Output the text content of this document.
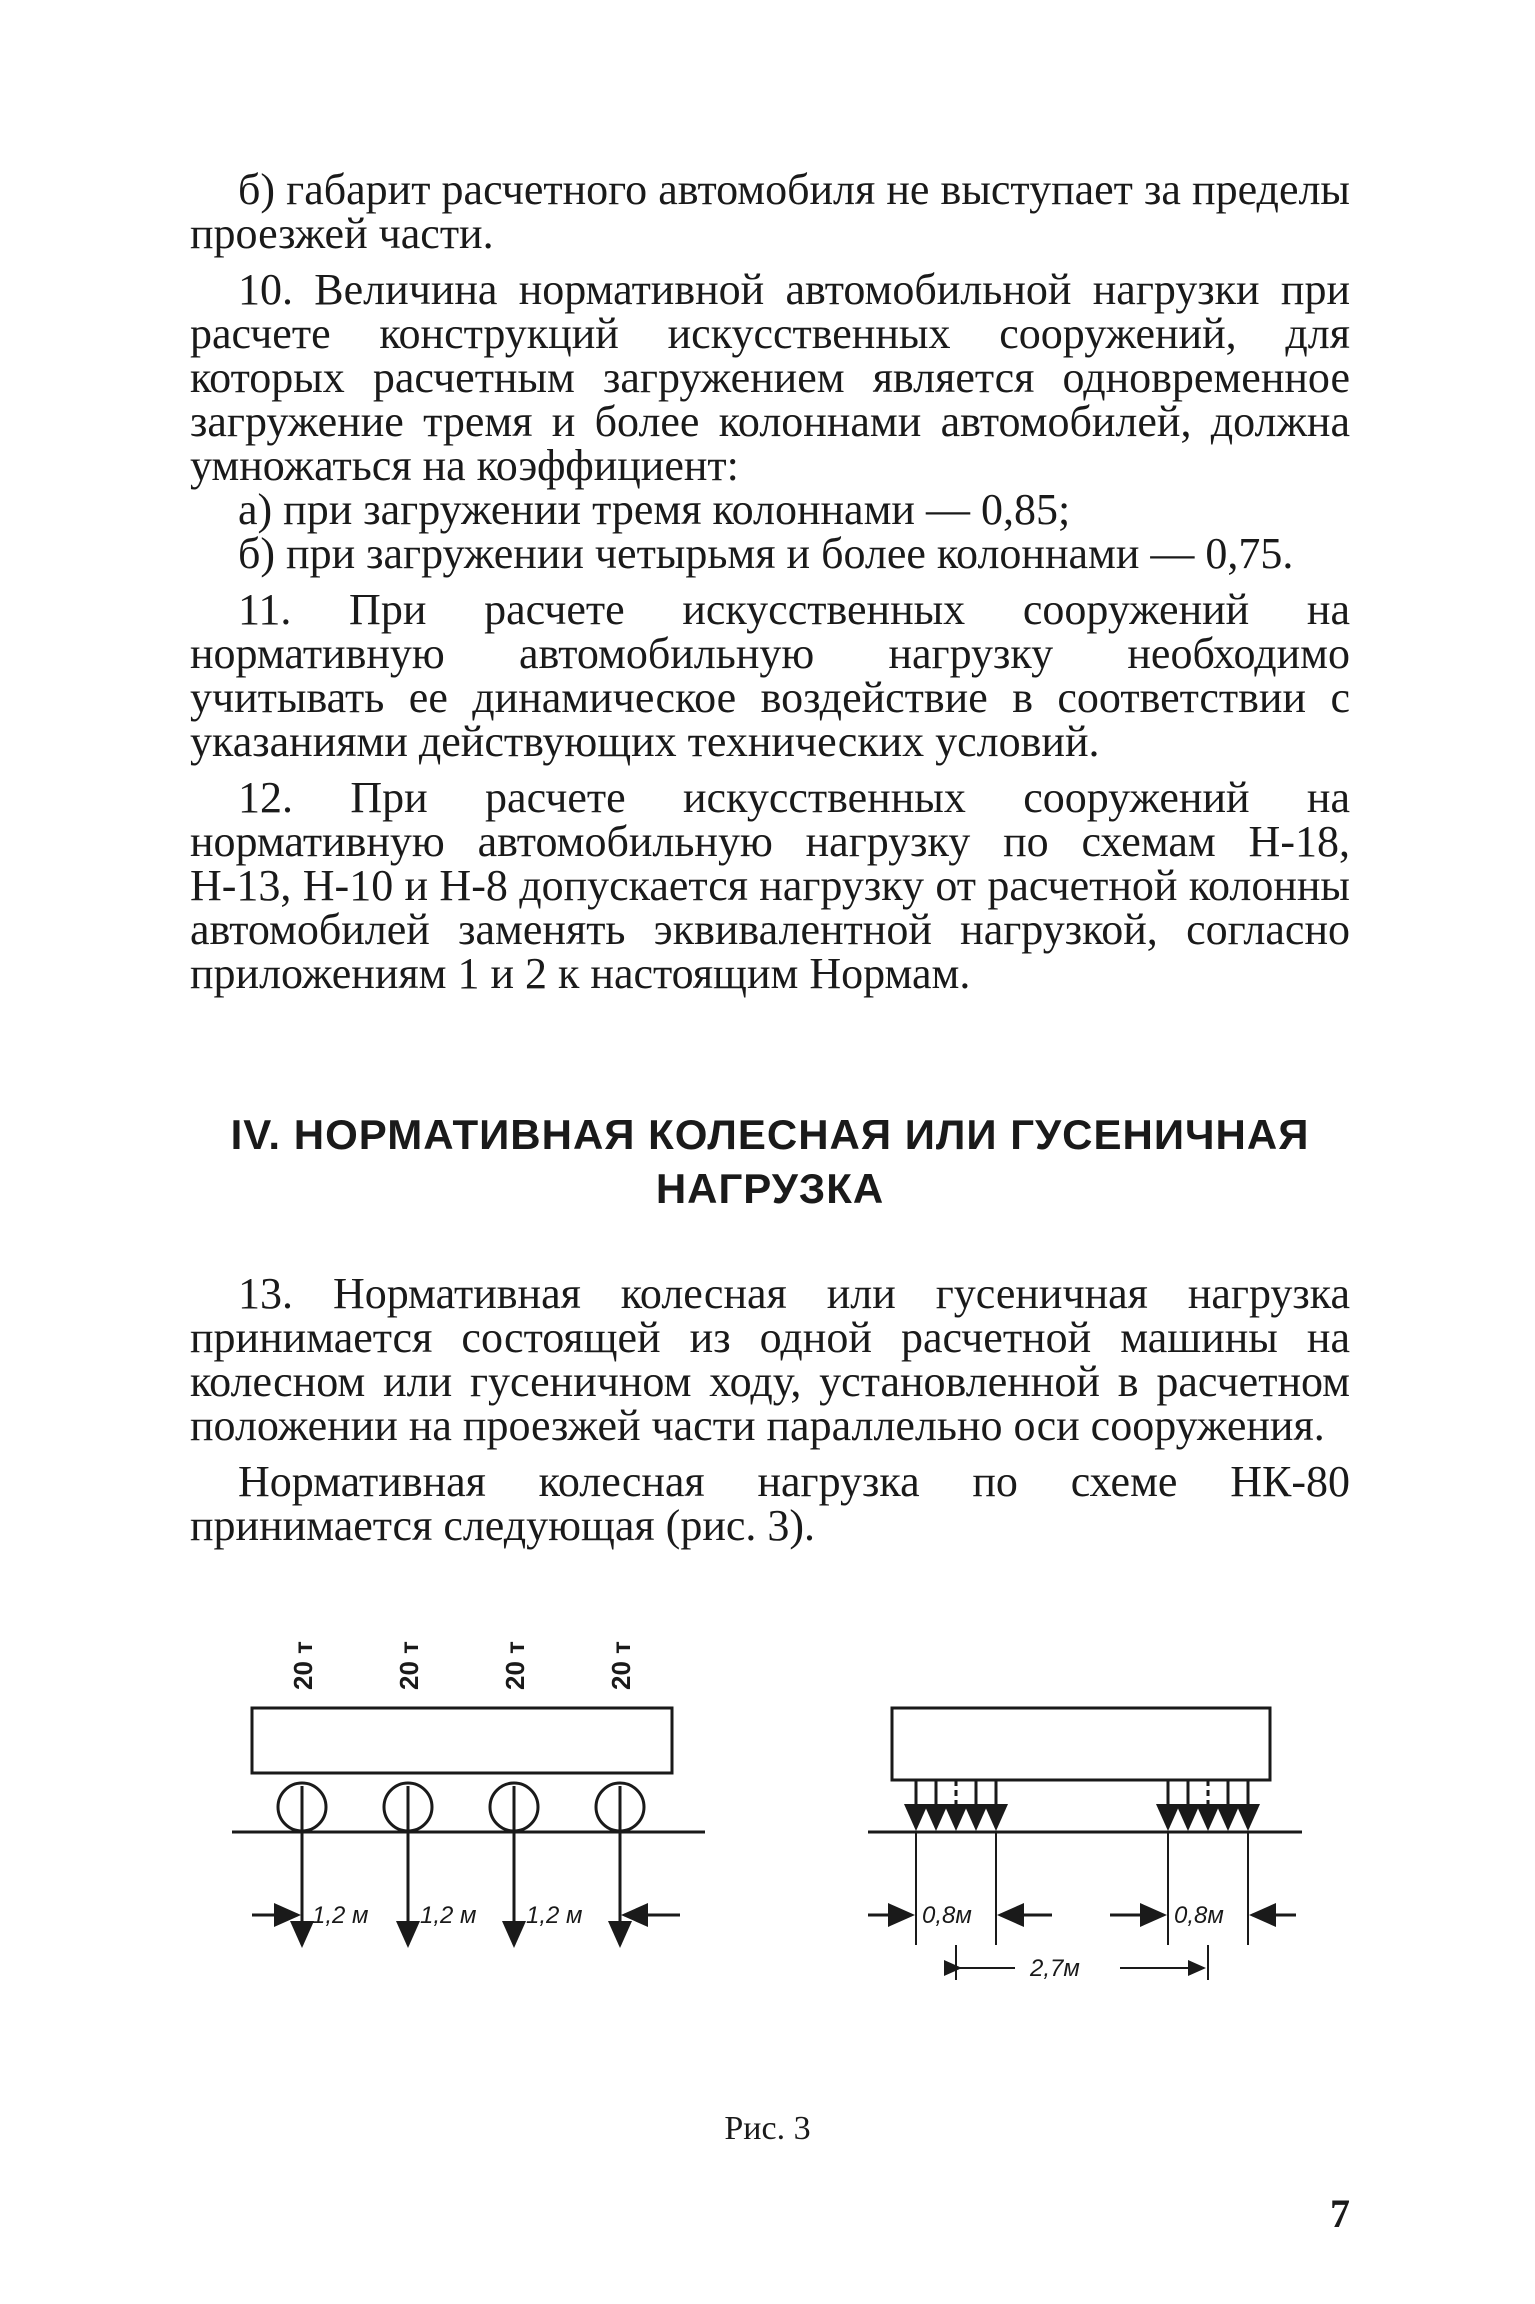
б) габарит расчетного автомобиля не выступает за пределы проезжей части.

10. Величина нормативной автомобильной нагрузки при расчете конструкций искусственных сооружений, для которых расчетным загружением является одновременное загружение тремя и более колоннами автомобилей, должна умножаться на коэффициент:

а) при загружении тремя колоннами — 0,85;

б) при загружении четырьмя и более колоннами — 0,75.

11. При расчете искусственных сооружений на нормативную автомобильную нагрузку необходимо учитывать ее динамическое воздействие в соответствии с указаниями действующих технических условий.

12. При расчете искусственных сооружений на нормативную автомобильную нагрузку по схемам Н-18, Н-13, Н-10 и Н-8 допускается нагрузку от расчетной колонны автомобилей заменять эквивалентной нагрузкой, согласно приложениям 1 и 2 к настоящим Нормам.

IV. НОРМАТИВНАЯ КОЛЕСНАЯ ИЛИ ГУСЕНИЧНАЯ
НАГРУЗКА

13. Нормативная колесная или гусеничная нагрузка принимается состоящей из одной расчетной машины на колесном или гусеничном ходу, установленной в расчетном положении на проезжей части параллельно оси сооружения.

Нормативная колесная нагрузка по схеме НК-80 принимается следующая (рис. 3).

20 т	20 т	20 т	20 т
1,2 м 1,2 м 1,2 м	0,8м	0,8м
2,7м
Рис. 3
7
